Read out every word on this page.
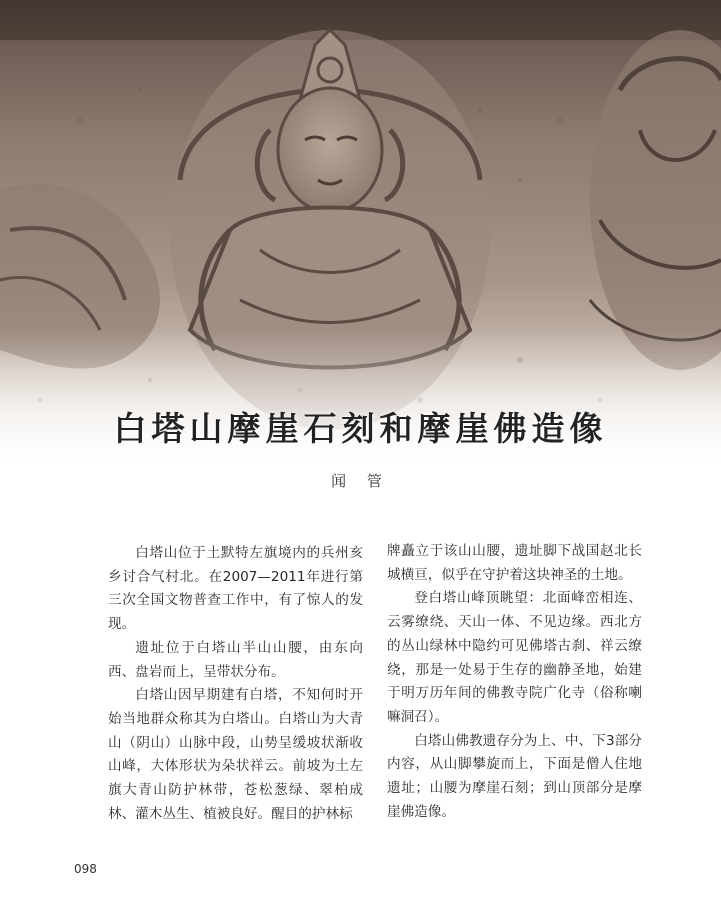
白塔山摩崖石刻和摩崖佛造像
闻 管

白塔山位于土默特左旗境内的兵州亥乡讨合气村北。在2007—2011年进行第三次全国文物普查工作中，有了惊人的发现。

遗址位于白塔山半山山腰，由东向西、盘岩而上，呈带状分布。

白塔山因早期建有白塔，不知何时开始当地群众称其为白塔山。白塔山为大青山（阴山）山脉中段，山势呈缓坡状渐收山峰，大体形状为朵状祥云。前坡为土左旗大青山防护林带，苍松葱绿、翠柏成林、灌木丛生、植被良好。醒目的护林标

牌矗立于该山山腰，遗址脚下战国赵北长城横亘，似乎在守护着这块神圣的土地。

登白塔山峰顶眺望：北面峰峦相连、云雾缭绕、天山一体、不见边缘。西北方的丛山绿林中隐约可见佛塔古刹、祥云缭绕，那是一处易于生存的幽静圣地，始建于明万历年间的佛教寺院广化寺（俗称喇嘛洞召）。

白塔山佛教遗存分为上、中、下3部分内容，从山脚攀旋而上，下面是僧人住地遗址；山腰为摩崖石刻；到山顶部分是摩崖佛造像。

098
